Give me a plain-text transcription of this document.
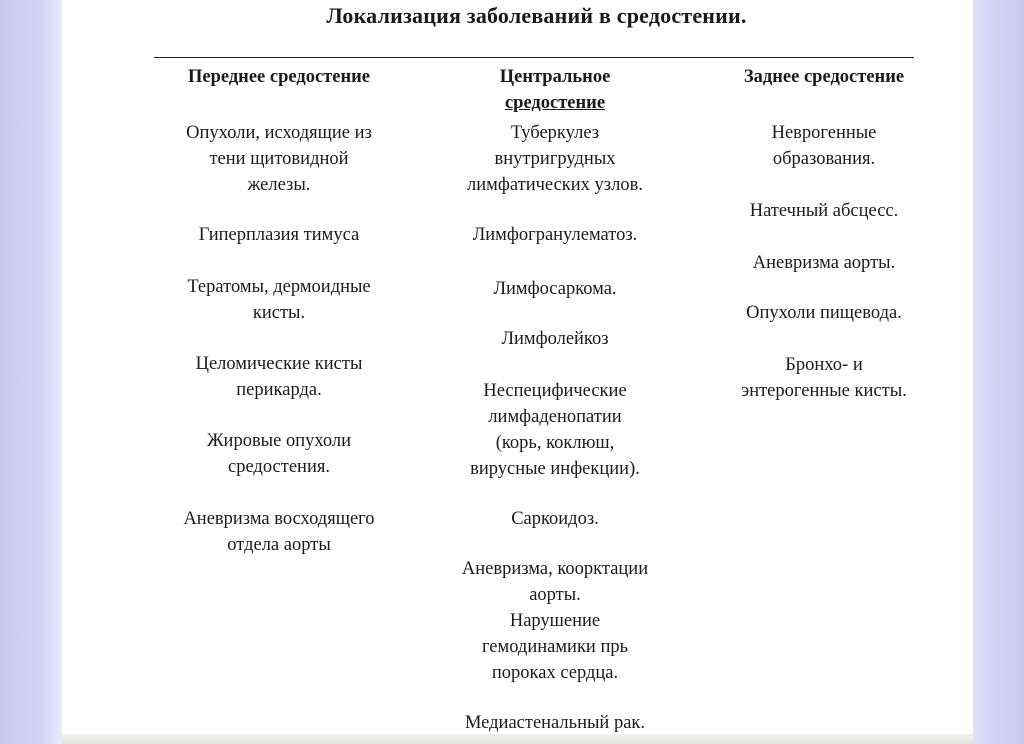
Локализация заболеваний в средостении.
Переднее средостение
Опухоли, исходящие из
тени щитовидной
железы.
Гиперплазия тимуса
Тератомы, дермоидные
кисты.
Целомические кисты
перикарда.
Жировые опухоли
средостения.
Аневризма восходящего
отдела аорты
Центральное
средостение
Туберкулез
внутригрудных
лимфатических узлов.
Лимфогранулематоз.
Лимфосаркома.
Лимфолейкоз
Неспецифические
лимфаденопатии
(корь, коклюш,
вирусные инфекции).
Саркоидоз.
Аневризма, коорктации
аорты.
Нарушение
гемодинамики прь
пороках сердца.
Медиастенальный рак.
Заднее средостение
Неврогенные
образования.
Натечный абсцесс.
Аневризма аорты.
Опухоли пищевода.
Бронхо- и
энтерогенные кисты.
